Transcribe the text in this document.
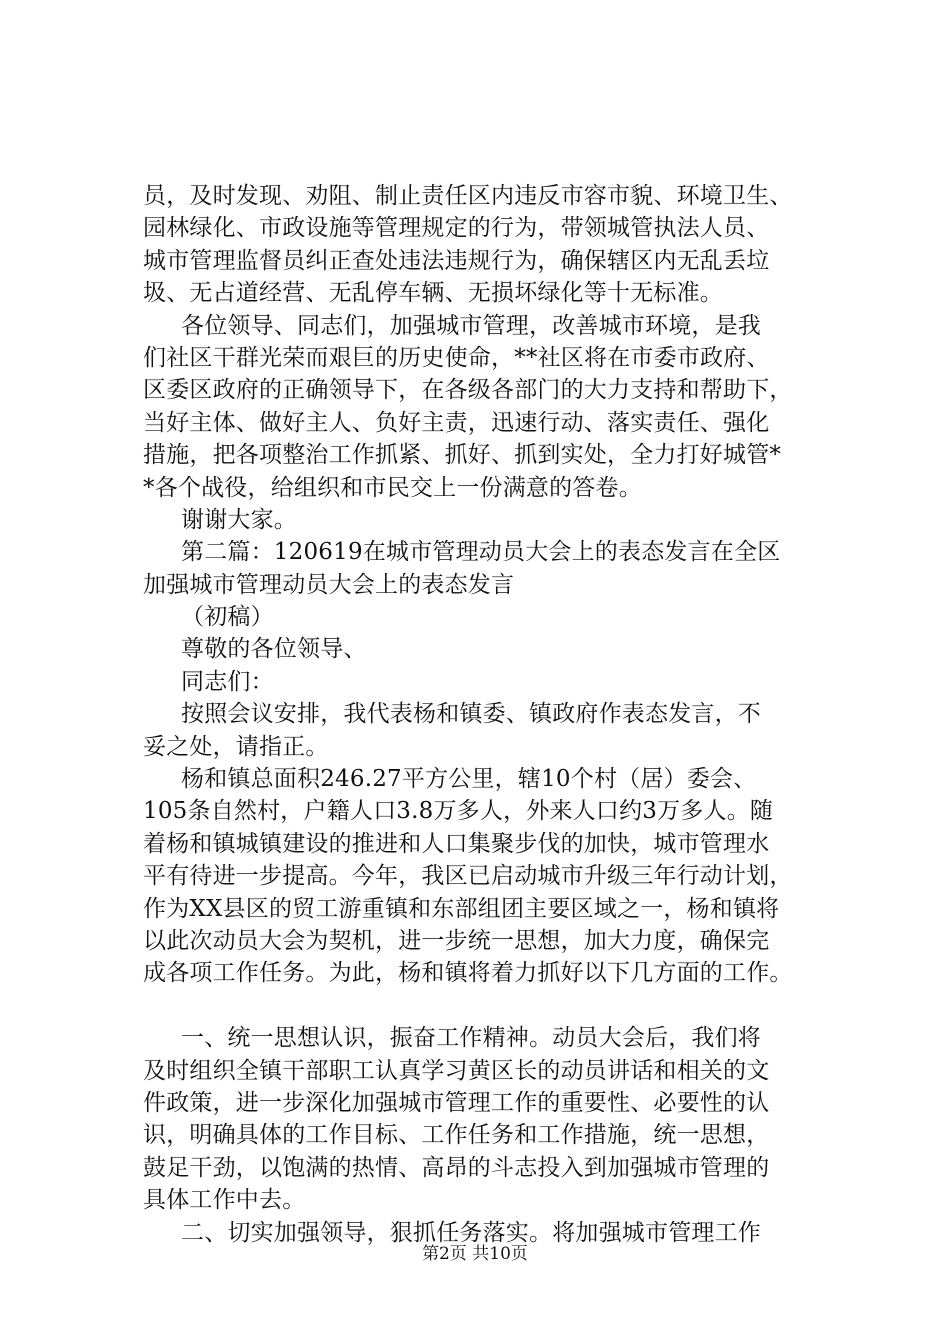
员，及时发现、劝阻、制止责任区内违反市容市貌、环境卫生、
园林绿化、市政设施等管理规定的行为，带领城管执法人员、
城市管理监督员纠正查处违法违规行为，确保辖区内无乱丢垃
圾、无占道经营、无乱停车辆、无损坏绿化等十无标准。
各位领导、同志们，加强城市管理，改善城市环境，是我
们社区干群光荣而艰巨的历史使命，**社区将在市委市政府、
区委区政府的正确领导下，在各级各部门的大力支持和帮助下，
当好主体、做好主人、负好主责，迅速行动、落实责任、强化
措施，把各项整治工作抓紧、抓好、抓到实处，全力打好城管*
*各个战役，给组织和市民交上一份满意的答卷。
谢谢大家。
第二篇：120619在城市管理动员大会上的表态发言在全区
加强城市管理动员大会上的表态发言
（初稿）
尊敬的各位领导、
同志们：
按照会议安排，我代表杨和镇委、镇政府作表态发言，不
妥之处，请指正。
杨和镇总面积246.27平方公里，辖10个村（居）委会、
105条自然村，户籍人口3.8万多人，外来人口约3万多人。随
着杨和镇城镇建设的推进和人口集聚步伐的加快，城市管理水
平有待进一步提高。今年，我区已启动城市升级三年行动计划，
作为XX县区的贸工游重镇和东部组团主要区域之一，杨和镇将
以此次动员大会为契机，进一步统一思想，加大力度，确保完
成各项工作任务。为此，杨和镇将着力抓好以下几方面的工作。
一、统一思想认识，振奋工作精神。动员大会后，我们将
及时组织全镇干部职工认真学习黄区长的动员讲话和相关的文
件政策，进一步深化加强城市管理工作的重要性、必要性的认
识，明确具体的工作目标、工作任务和工作措施，统一思想，
鼓足干劲，以饱满的热情、高昂的斗志投入到加强城市管理的
具体工作中去。
二、切实加强领导，狠抓任务落实。将加强城市管理工作
第2页 共10页
